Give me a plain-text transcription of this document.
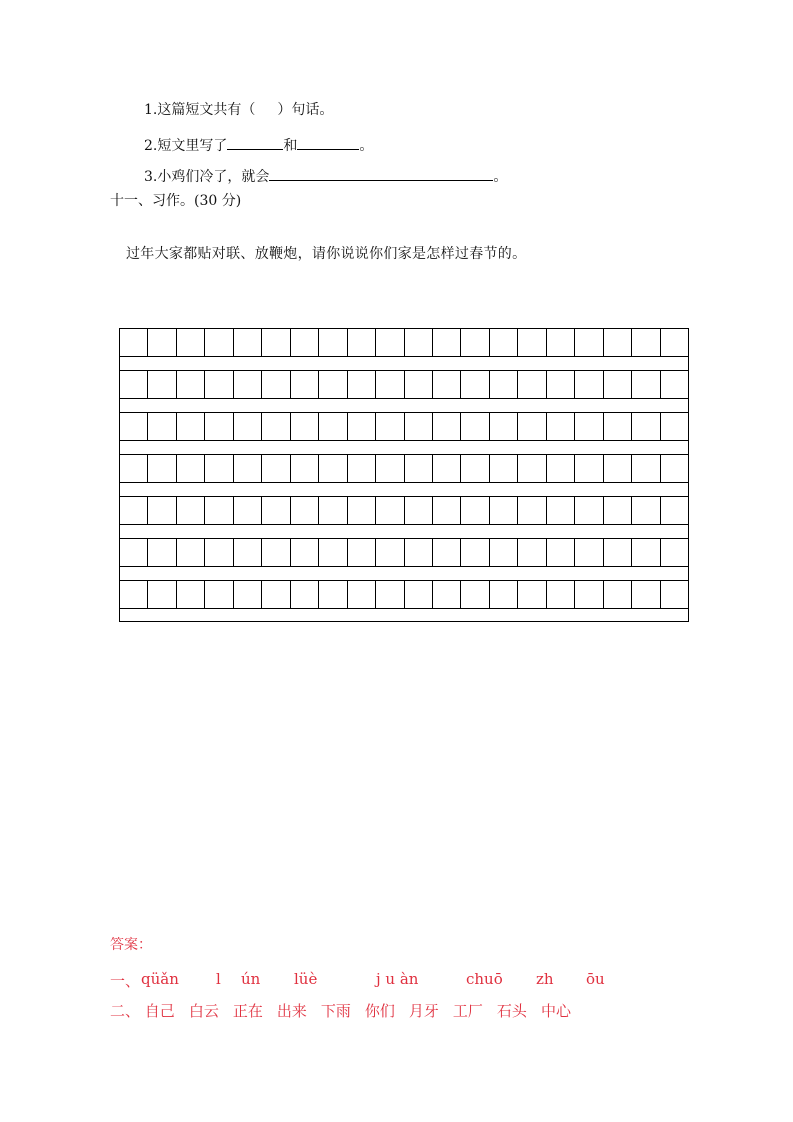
1.这篇短文共有（ ）句话。
2.短文里写了	和	。
3.小鸡们冷了，就会	。
十一、习作。(30 分)
过年大家都贴对联、放鞭炮，请你说说你们家是怎样过春节的。
答案：
一、 qüǎn l ún lüè	j u àn	chuō zh ōu
二、 自己 白云 正在 出来 下雨 你们 月牙 工厂 石头 中心
